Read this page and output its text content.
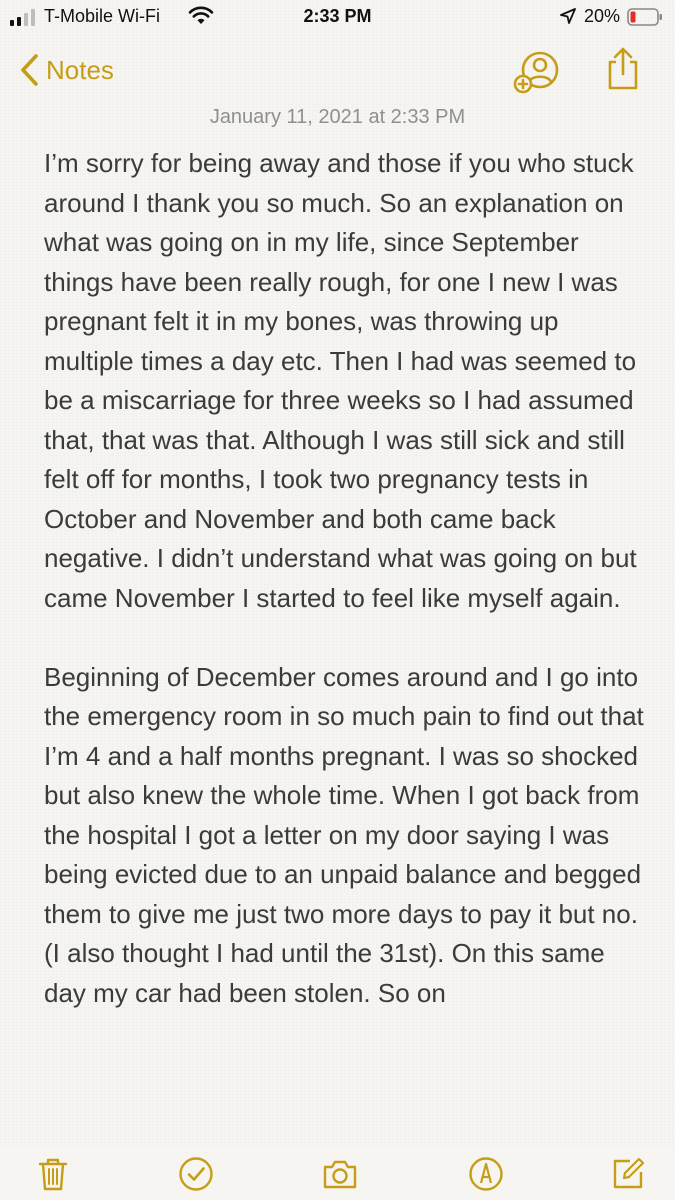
T-Mobile Wi-Fi	2:33 PM	20%
Notes
January 11, 2021 at 2:33 PM

I’m sorry for being away and those if you who stuck around I thank you so much. So an explanation on what was going on in my life, since September things have been really rough, for one I new I was pregnant felt it in my bones, was throwing up multiple times a day etc. Then I had was seemed to be a miscarriage for three weeks so I had assumed that, that was that. Although I was still sick and still felt off for months, I took two pregnancy tests in October and November and both came back negative. I didn’t understand what was going on but came November I started to feel like myself again.

Beginning of December comes around and I go into the emergency room in so much pain to find out that I’m 4 and a half months pregnant. I was so shocked but also knew the whole time. When I got back from the hospital I got a letter on my door saying I was being evicted due to an unpaid balance and begged them to give me just two more days to pay it but no. (I also thought I had until the 31st). On this same day my car had been stolen. So on
